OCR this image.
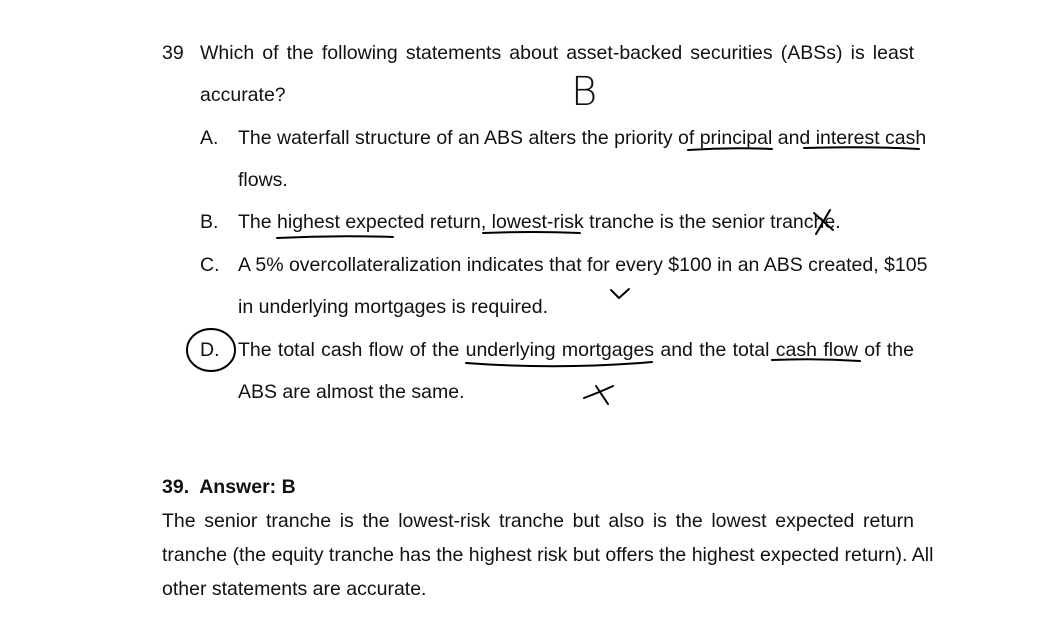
39 Which of the following statements about asset-backed securities (ABSs) is least
accurate?	B
A. The waterfall structure of an ABS alters the priority of principal and interest cash
flows.
B. The highest expected return, lowest-risk tranche is the senior tranche.
C. A 5% overcollateralization indicates that for every $100 in an ABS created, $105
in underlying mortgages is required.
D. The total cash flow of the underlying mortgages and the total cash flow of the
ABS are almost the same.
39.  Answer: B
The senior tranche is the lowest-risk tranche but also is the lowest expected return
tranche (the equity tranche has the highest risk but offers the highest expected return). All
other statements are accurate.
